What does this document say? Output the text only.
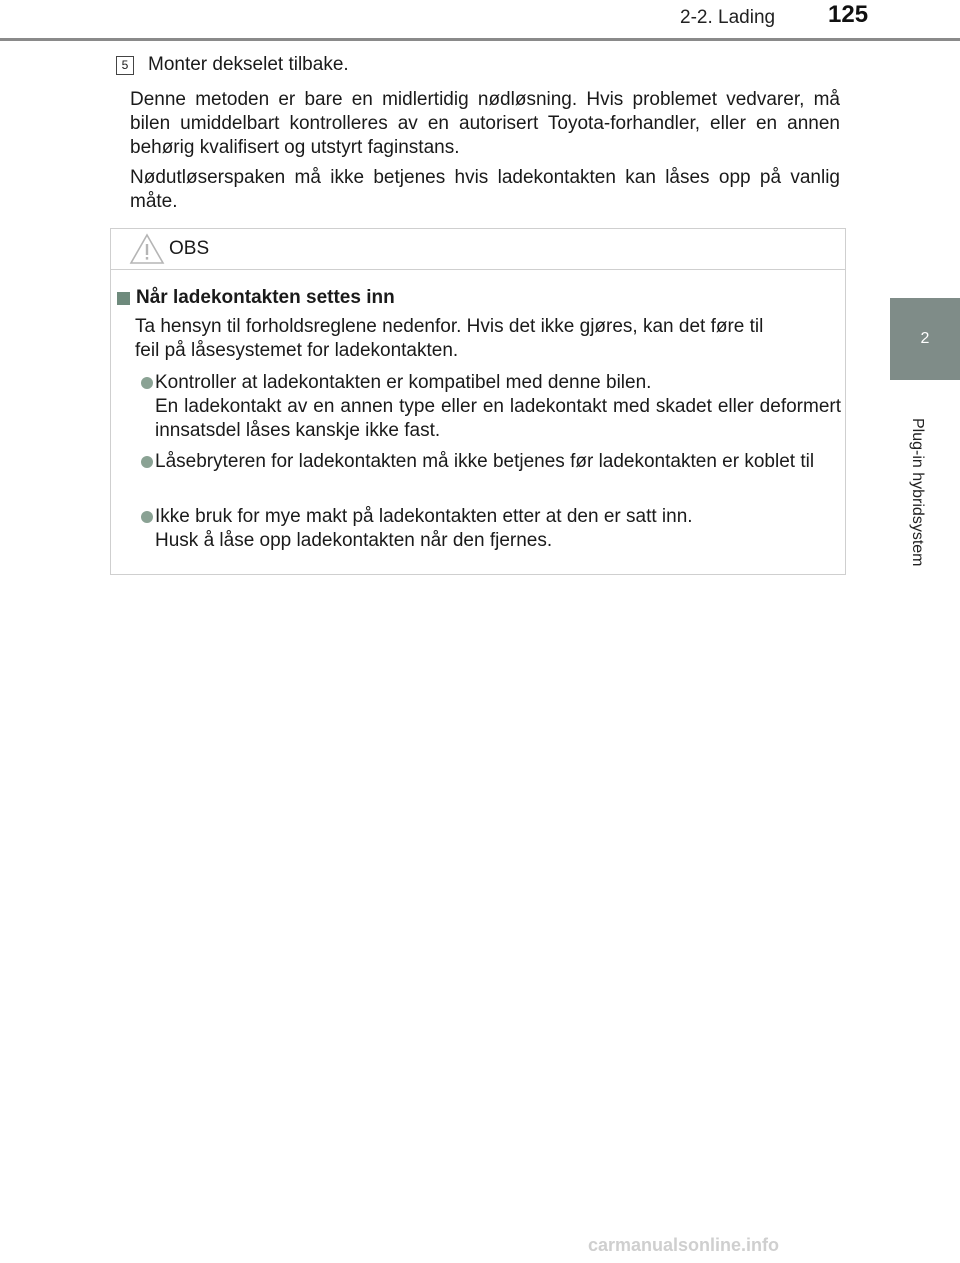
2-2. Lading 125
2
Plug-in hybridsystem
5 Monter dekselet tilbake.
Denne metoden er bare en midlertidig nødløsning. Hvis problemet vedvarer, må bilen umiddelbart kontrolleres av en autorisert Toyota-forhandler, eller en annen behørig kvalifisert og utstyrt faginstans.
Nødutløserspaken må ikke betjenes hvis ladekontakten kan låses opp på vanlig måte.
OBS
Når ladekontakten settes inn
Ta hensyn til forholdsreglene nedenfor. Hvis det ikke gjøres, kan det føre til
feil på låsesystemet for ladekontakten.
Kontroller at ladekontakten er kompatibel med denne bilen.
En ladekontakt av en annen type eller en ladekontakt med skadet eller deformert innsatsdel låses kanskje ikke fast.
Låsebryteren for ladekontakten må ikke betjenes før ladekontakten er koblet til
Ikke bruk for mye makt på ladekontakten etter at den er satt inn.
Husk å låse opp ladekontakten når den fjernes.
carmanualsonline.info
